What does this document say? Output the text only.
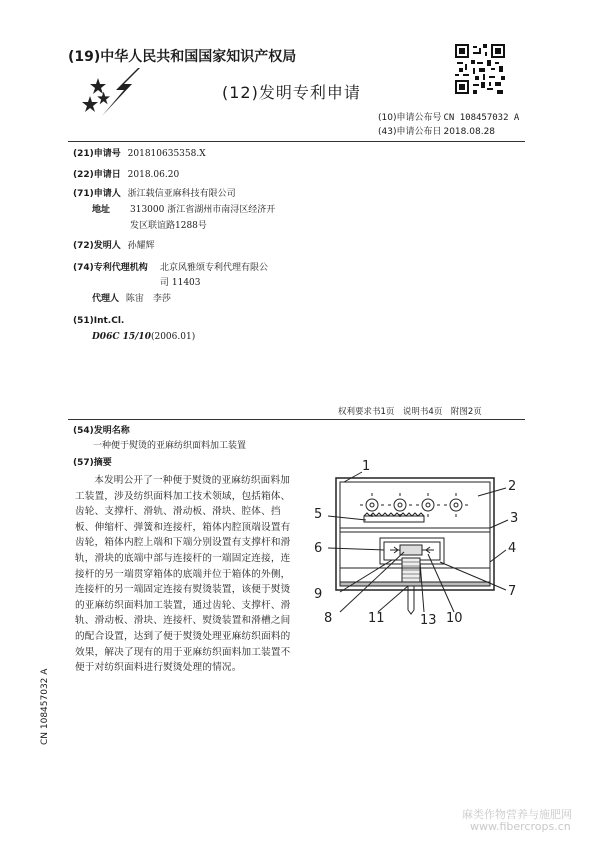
(19)中华人民共和国国家知识产权局
(12)发明专利申请
(10)申请公布号 CN 108457032 A
(43)申请公布日 2018.08.28
(21)申请号 201810635358.X
(22)申请日 2018.06.20
(71)申请人 浙江载信亚麻科技有限公司
地址 313000 浙江省湖州市南浔区经济开
发区联谊路1288号
(72)发明人 孙耀辉
(74)专利代理机构 北京风雅颂专利代理有限公
司 11403
代理人 陈宙　李莎
(51)Int.Cl.
D06C 15/10(2006.01)
权利要求书1页　说明书4页　附图2页
(54)发明名称
一种便于熨烫的亚麻纺织面料加工装置
(57)摘要

本发明公开了一种便于熨烫的亚麻纺织面料加工装置，涉及纺织面料加工技术领域，包括箱体、齿轮、支撑杆、滑轨、滑动板、滑块、腔体、挡板、伸缩杆、弹簧和连接杆，箱体内腔顶端设置有齿轮，箱体内腔上端和下端分别设置有支撑杆和滑轨，滑块的底端中部与连接杆的一端固定连接，连接杆的另一端贯穿箱体的底端并位于箱体的外侧，连接杆的另一端固定连接有熨烫装置，该便于熨烫的亚麻纺织面料加工装置，通过齿轮、支撑杆、滑轨、滑动板、滑块、连接杆、熨烫装置和滑槽之间的配合设置，达到了便于熨烫处理亚麻纺织面料的效果，解决了现有的用于亚麻纺织面料加工装置不便于对纺织面料进行熨烫处理的情况。

CN 108457032 A
1
2
3
4
5
6
7
8
9
10
11	13
麻类作物营养与施肥网
www.fibercrops.cn
